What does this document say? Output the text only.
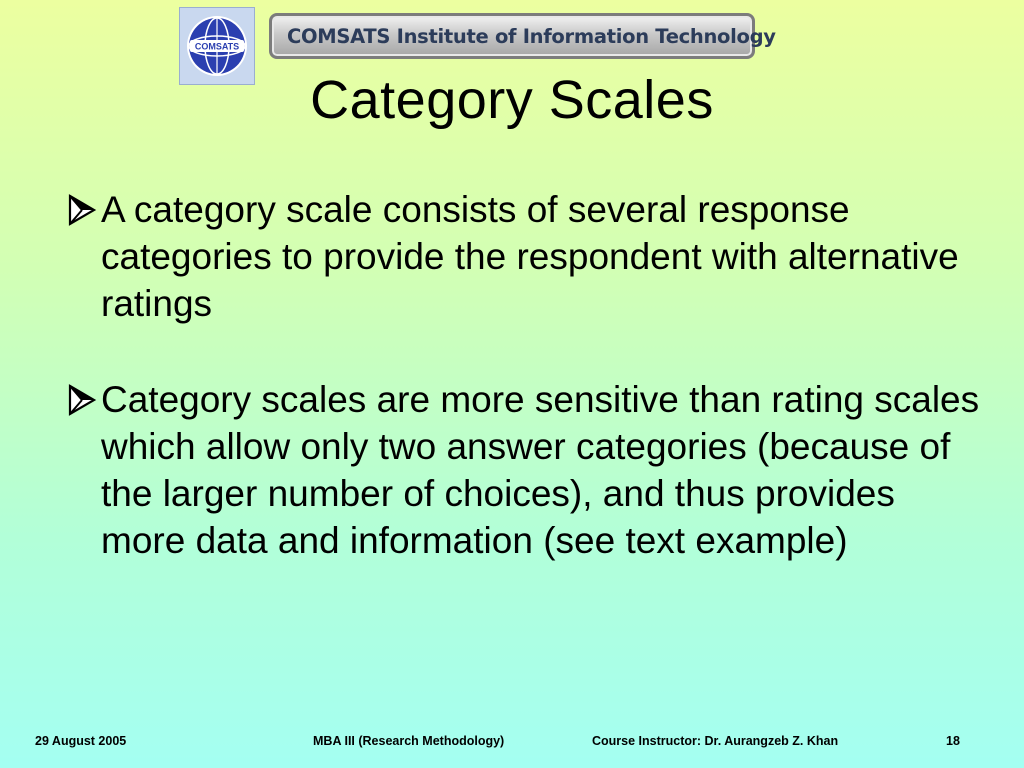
COMSATS COMSATS Institute of Information Technology
Category Scales
A category scale consists of several response categories to provide the respondent with alternative ratings
Category scales are more sensitive than rating scales which allow only two answer categories (because of the larger number of choices), and thus provides more data and information (see text example)
29 August 2005	MBA III (Research Methodology)	Course Instructor: Dr. Aurangzeb Z. Khan	18
